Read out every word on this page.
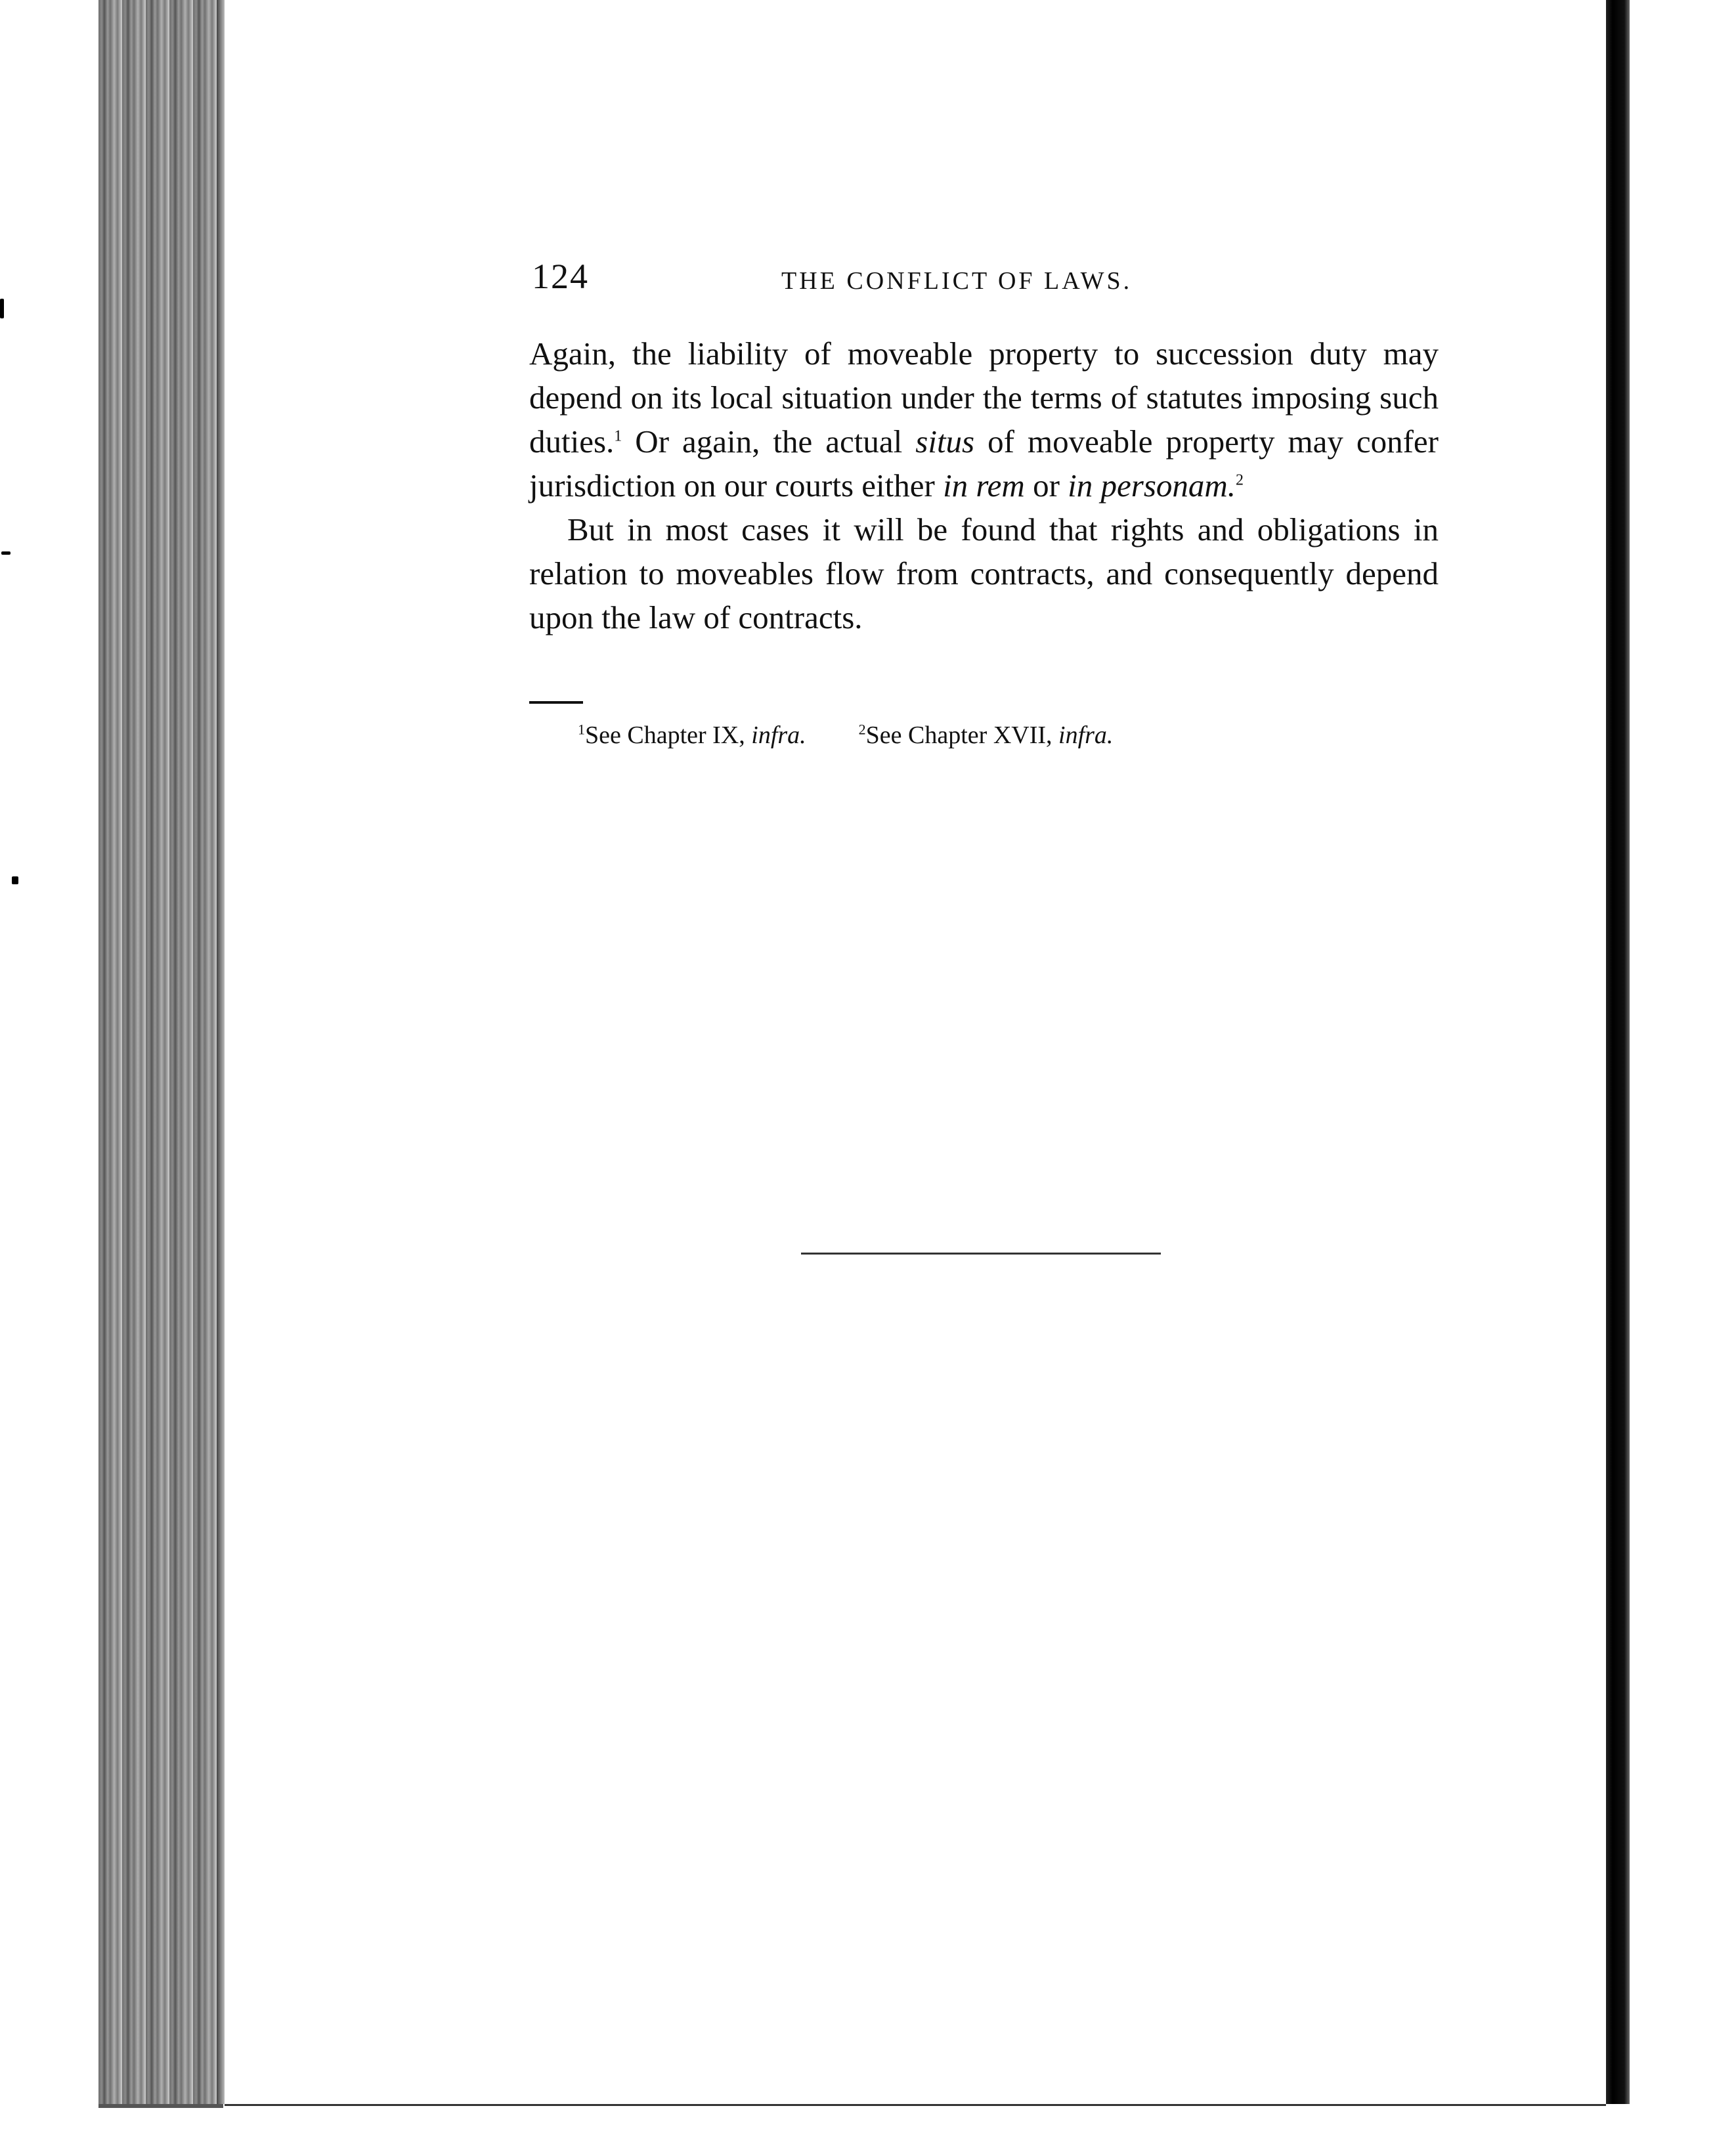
124	THE CONFLICT OF LAWS.

Again, the liability of moveable property to succession duty may depend on its local situation under the terms of statutes imposing such duties.$^1$ Or again, the actual situs of moveable property may confer jurisdiction on our courts either in rem or in personam.$^2$

But in most cases it will be found that rights and obligations in relation to moveables flow from contracts, and consequently depend upon the law of contracts.

$^1$See Chapter IX, infra.	$^2$See Chapter XVII, infra.
